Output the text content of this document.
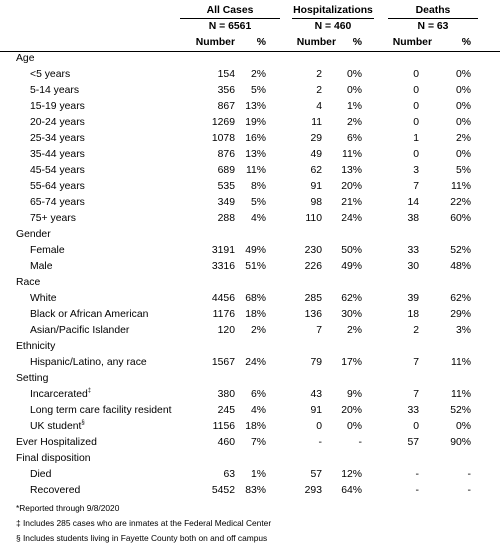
All Cases	Hospitalizations	Deaths
N = 6561	N = 460	N = 63
Number	%	Number	%	Number	%
Age
<5 years	154	2%	2	0%	0	0%
5-14 years	356	5%	2	0%	0	0%
15-19 years	867 13%	4	1%	0	0%
20-24 years	1269 19%	11	2%	0	0%
25-34 years	1078 16%	29	6%	1	2%
35-44 years	876 13%	49	11%	0	0%
45-54 years	689	11%	62	13%	3	5%
55-64 years	535	8%	91	20%	7	11%
65-74 years	349	5%	98	21%	14	22%
75+ years	288	4%	110	24%	38	60%
Gender
Female	3191 49%	230	50%	33	52%
Male	3316 51%	226	49%	30	48%
Race
White	4456 68%	285	62%	39	62%
Black or African American	1176 18%	136	30%	18	29%
Asian/Pacific Islander	120	2%	7	2%	2	3%
Ethnicity
Hispanic/Latino, any race	1567 24%	79	17%	7	11%
Setting
Incarcerated‡	380	6%	43	9%	7	11%
Long term care facility resident	245	4%	91	20%	33	52%
UK student§	1156 18%	0	0%	0	0%
Ever Hospitalized	460	7%	-	-	57	90%
Final disposition
Died	63	1%	57	12%	-	-
Recovered	5452 83%	293	64%	-	-
*Reported through 9/8/2020
‡ Includes 285 cases who are inmates at the Federal Medical Center
§ Includes students living in Fayette County both on and off campus
